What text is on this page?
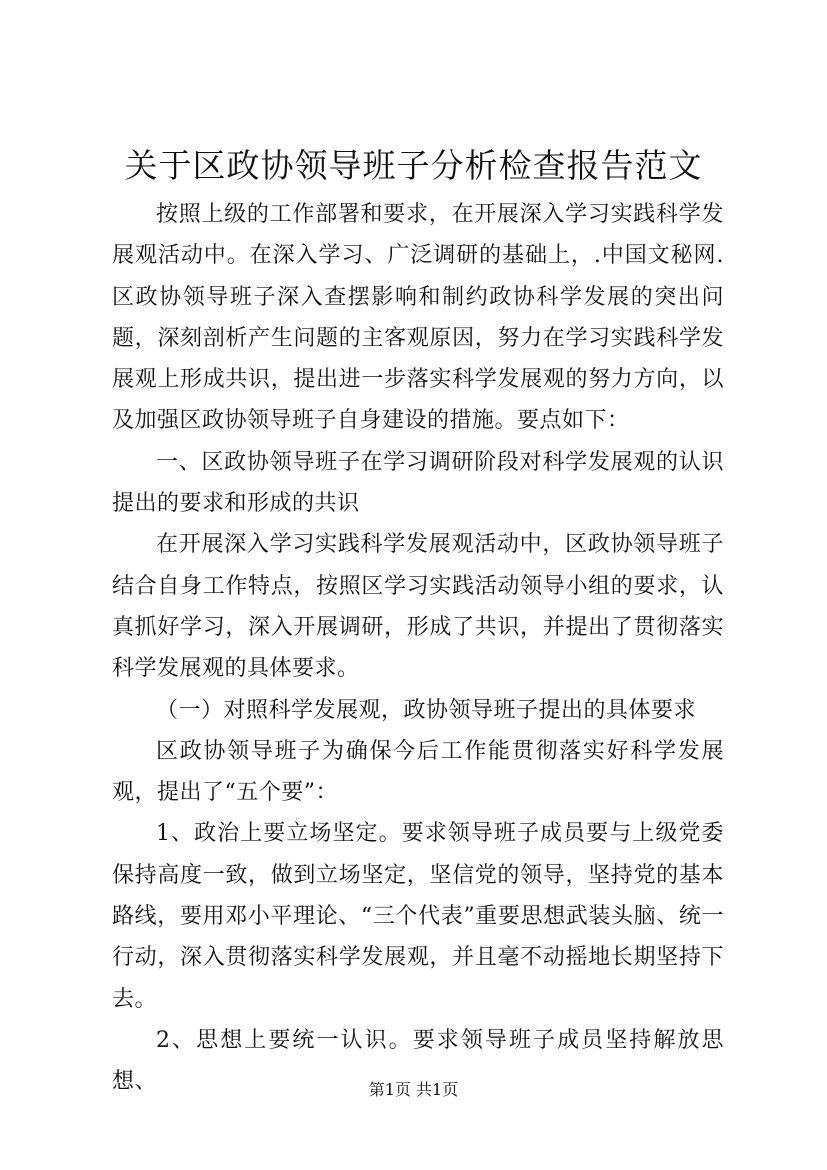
关于区政协领导班子分析检查报告范文

按照上级的工作部署和要求，在开展深入学习实践科学发展观活动中。在深入学习、广泛调研的基础上，.中国文秘网.区政协领导班子深入查摆影响和制约政协科学发展的突出问题，深刻剖析产生问题的主客观原因，努力在学习实践科学发展观上形成共识，提出进一步落实科学发展观的努力方向，以及加强区政协领导班子自身建设的措施。要点如下：

一、区政协领导班子在学习调研阶段对科学发展观的认识提出的要求和形成的共识

在开展深入学习实践科学发展观活动中，区政协领导班子结合自身工作特点，按照区学习实践活动领导小组的要求，认真抓好学习，深入开展调研，形成了共识，并提出了贯彻落实科学发展观的具体要求。

（一）对照科学发展观，政协领导班子提出的具体要求

区政协领导班子为确保今后工作能贯彻落实好科学发展观，提出了“五个要”：

1、政治上要立场坚定。要求领导班子成员要与上级党委保持高度一致，做到立场坚定，坚信党的领导，坚持党的基本路线，要用邓小平理论、“三个代表”重要思想武装头脑、统一行动，深入贯彻落实科学发展观，并且毫不动摇地长期坚持下去。

2、思想上要统一认识。要求领导班子成员坚持解放思想、	第1页 共1页
